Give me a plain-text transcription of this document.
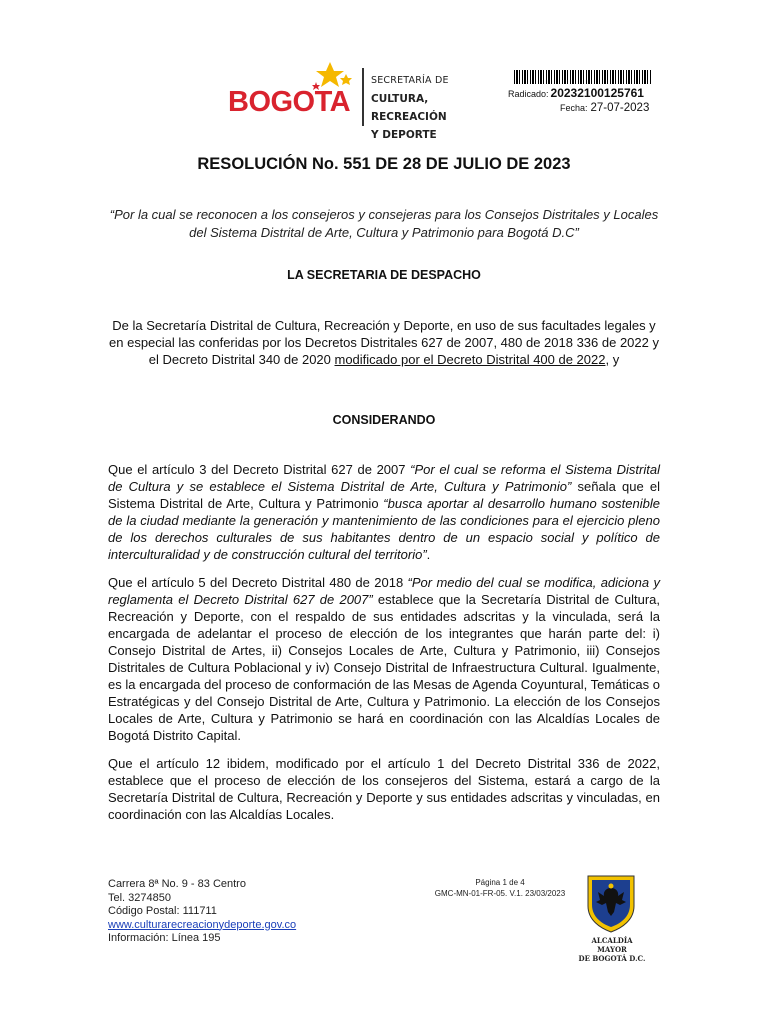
BOGOTA
SECRETARÍA DE
CULTURA, RECREACIÓN
Y DEPORTE
Radicado: 20232100125761
Fecha: 27-07-2023
RESOLUCIÓN No. 551 DE 28 DE JULIO DE 2023
“Por la cual se reconocen a los consejeros y consejeras para los Consejos Distritales y Locales del Sistema Distrital de Arte, Cultura y Patrimonio para Bogotá D.C”
LA SECRETARIA DE DESPACHO
De la Secretaría Distrital de Cultura, Recreación y Deporte, en uso de sus facultades legales y en especial las conferidas por los Decretos Distritales 627 de 2007, 480 de 2018 336 de 2022 y el Decreto Distrital 340 de 2020 modificado por el Decreto Distrital 400 de 2022, y
CONSIDERANDO
Que el artículo 3 del Decreto Distrital 627 de 2007 “Por el cual se reforma el Sistema Distrital de Cultura y se establece el Sistema Distrital de Arte, Cultura y Patrimonio” señala que el Sistema Distrital de Arte, Cultura y Patrimonio “busca aportar al desarrollo humano sostenible de la ciudad mediante la generación y mantenimiento de las condiciones para el ejercicio pleno de los derechos culturales de sus habitantes dentro de un espacio social y político de interculturalidad y de construcción cultural del territorio”.
Que el artículo 5 del Decreto Distrital 480 de 2018 “Por medio del cual se modifica, adiciona y reglamenta el Decreto Distrital 627 de 2007” establece que la Secretaría Distrital de Cultura, Recreación y Deporte, con el respaldo de sus entidades adscritas y la vinculada, será la encargada de adelantar el proceso de elección de los integrantes que harán parte del: i) Consejo Distrital de Artes, ii) Consejos Locales de Arte, Cultura y Patrimonio, iii) Consejos Distritales de Cultura Poblacional y iv) Consejo Distrital de Infraestructura Cultural. Igualmente, es la encargada del proceso de conformación de las Mesas de Agenda Coyuntural, Temáticas o Estratégicas y del Consejo Distrital de Arte, Cultura y Patrimonio. La elección de los Consejos Locales de Arte, Cultura y Patrimonio se hará en coordinación con las Alcaldías Locales de Bogotá Distrito Capital.
Que el artículo 12 ibidem, modificado por el artículo 1 del Decreto Distrital 336 de 2022, establece que el proceso de elección de los consejeros del Sistema, estará a cargo de la Secretaría Distrital de Cultura, Recreación y Deporte y sus entidades adscritas y vinculadas, en coordinación con las Alcaldías Locales.
Carrera 8ª No. 9 - 83 Centro
Tel. 3274850
Código Postal: 111711
www.culturarecreacionydeporte.gov.co
Información: Línea 195
Página 1 de 4
GMC-MN-01-FR-05. V.1. 23/03/2023
ALCALDÍA
MAYOR
DE BOGOTÁ D.C.
